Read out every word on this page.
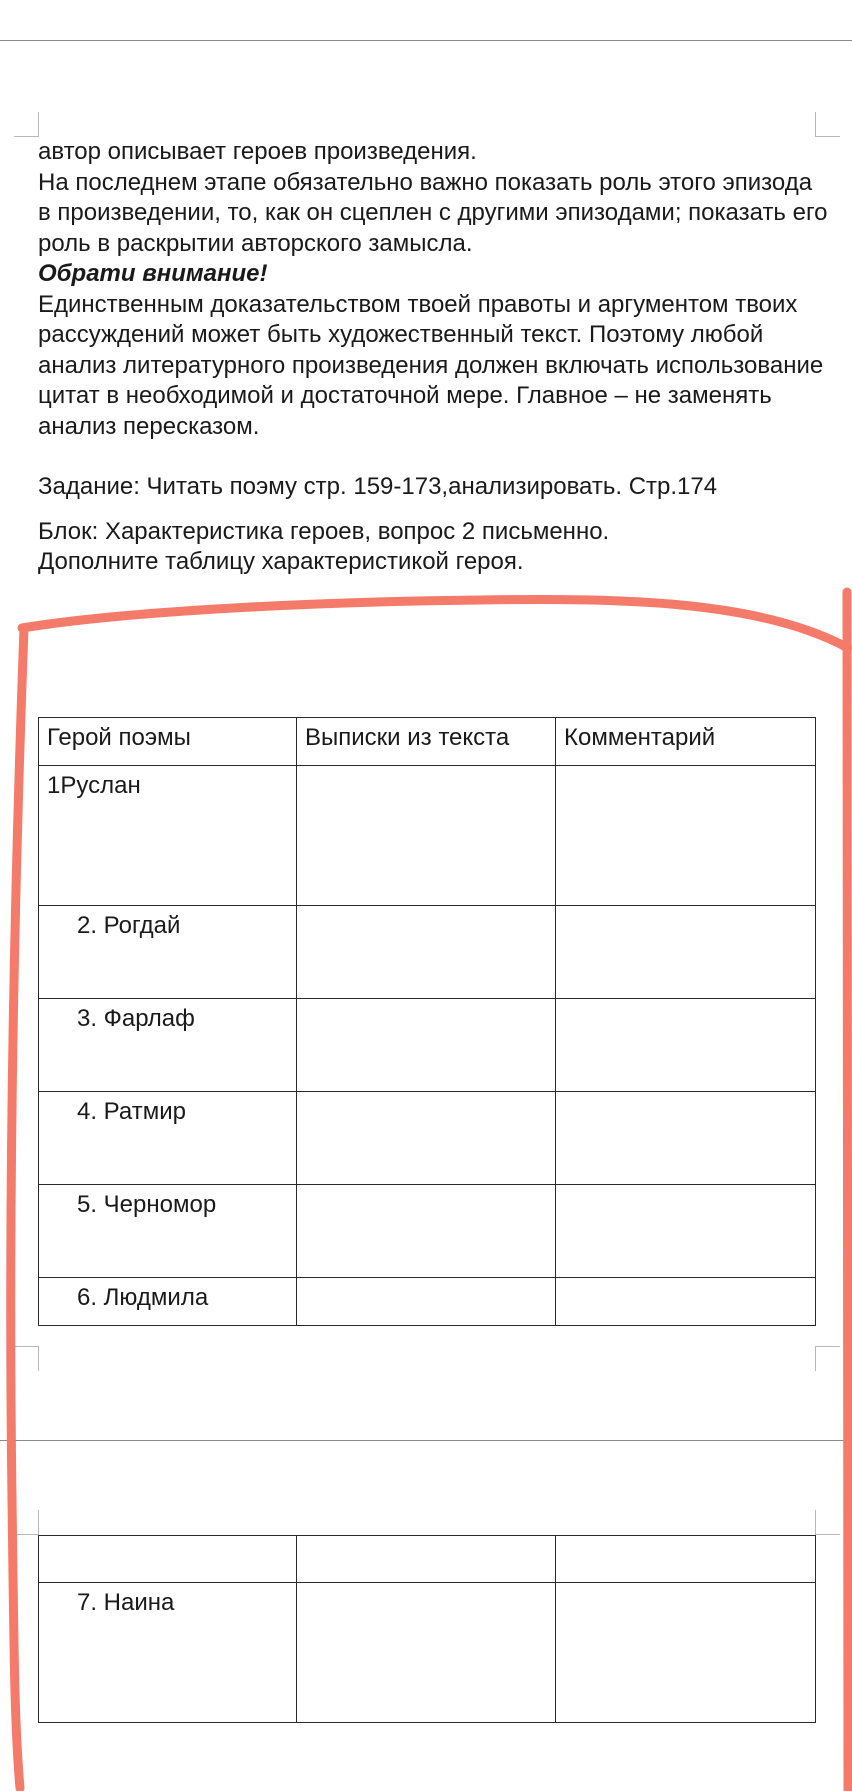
автор описывает героев произведения.

На последнем этапе обязательно важно показать роль этого эпизода в произведении, то, как он сцеплен с другими эпизодами; показать его роль в раскрытии авторского замысла.

Обрати внимание!

Единственным доказательством твоей правоты и аргументом твоих рассуждений может быть художественный текст. Поэтому любой анализ литературного произведения должен включать использование цитат в необходимой и достаточной мере. Главное – не заменять анализ пересказом.

Задание: Читать поэму стр. 159-173,анализировать. Стр.174

Блок: Характеристика героев, вопрос 2 письменно.

Дополните таблицу характеристикой героя.

Герой поэмы	Выписки из текста	Комментарий
1Руслан		
2. Рогдай		
3. Фарлаф		
4. Ратмир		
5. Черномор		
6. Людмила		

7. Наина		
